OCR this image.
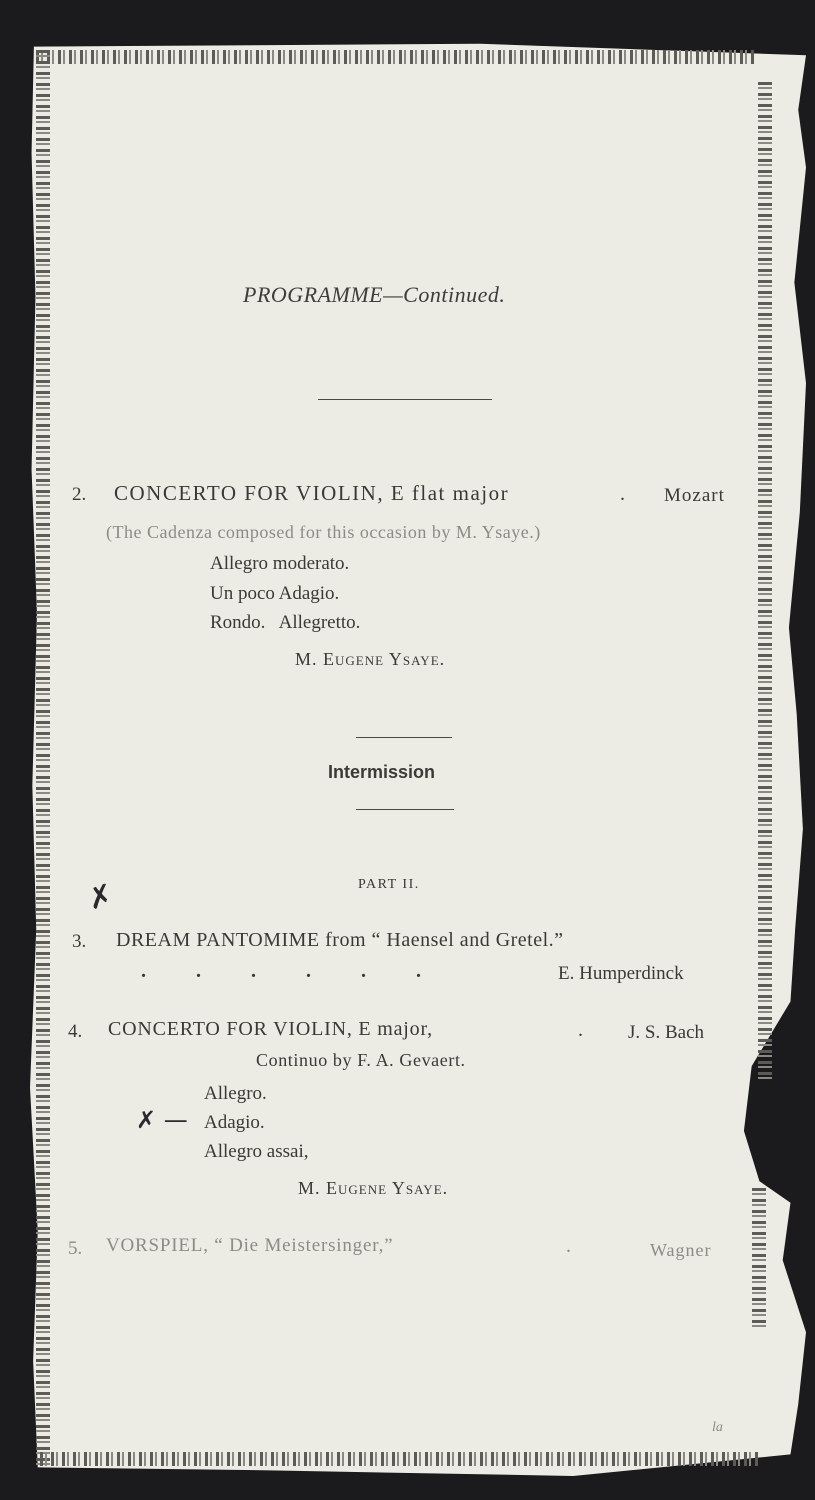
PROGRAMME—Continued.
2. CONCERTO FOR VIOLIN, E flat major	. Mozart
(The Cadenza composed for this occasion by M. Ysaye.)
Allegro moderato.
Un poco Adagio.
Rondo.   Allegretto.
M. Eugene Ysaye.
Intermission
PART II.
✗
3. DREAM PANTOMIME from “ Haensel and Gretel.”
.          .          .          .          .          .	E. Humperdinck
4. CONCERTO FOR VIOLIN, E major,	. J. S. Bach
Continuo by F. A. Gevaert.
Allegro.
Adagio.
Allegro assai,
✗ —
M. Eugene Ysaye.
5. VORSPIEL, “ Die Meistersinger,”	.	Wagner
la
